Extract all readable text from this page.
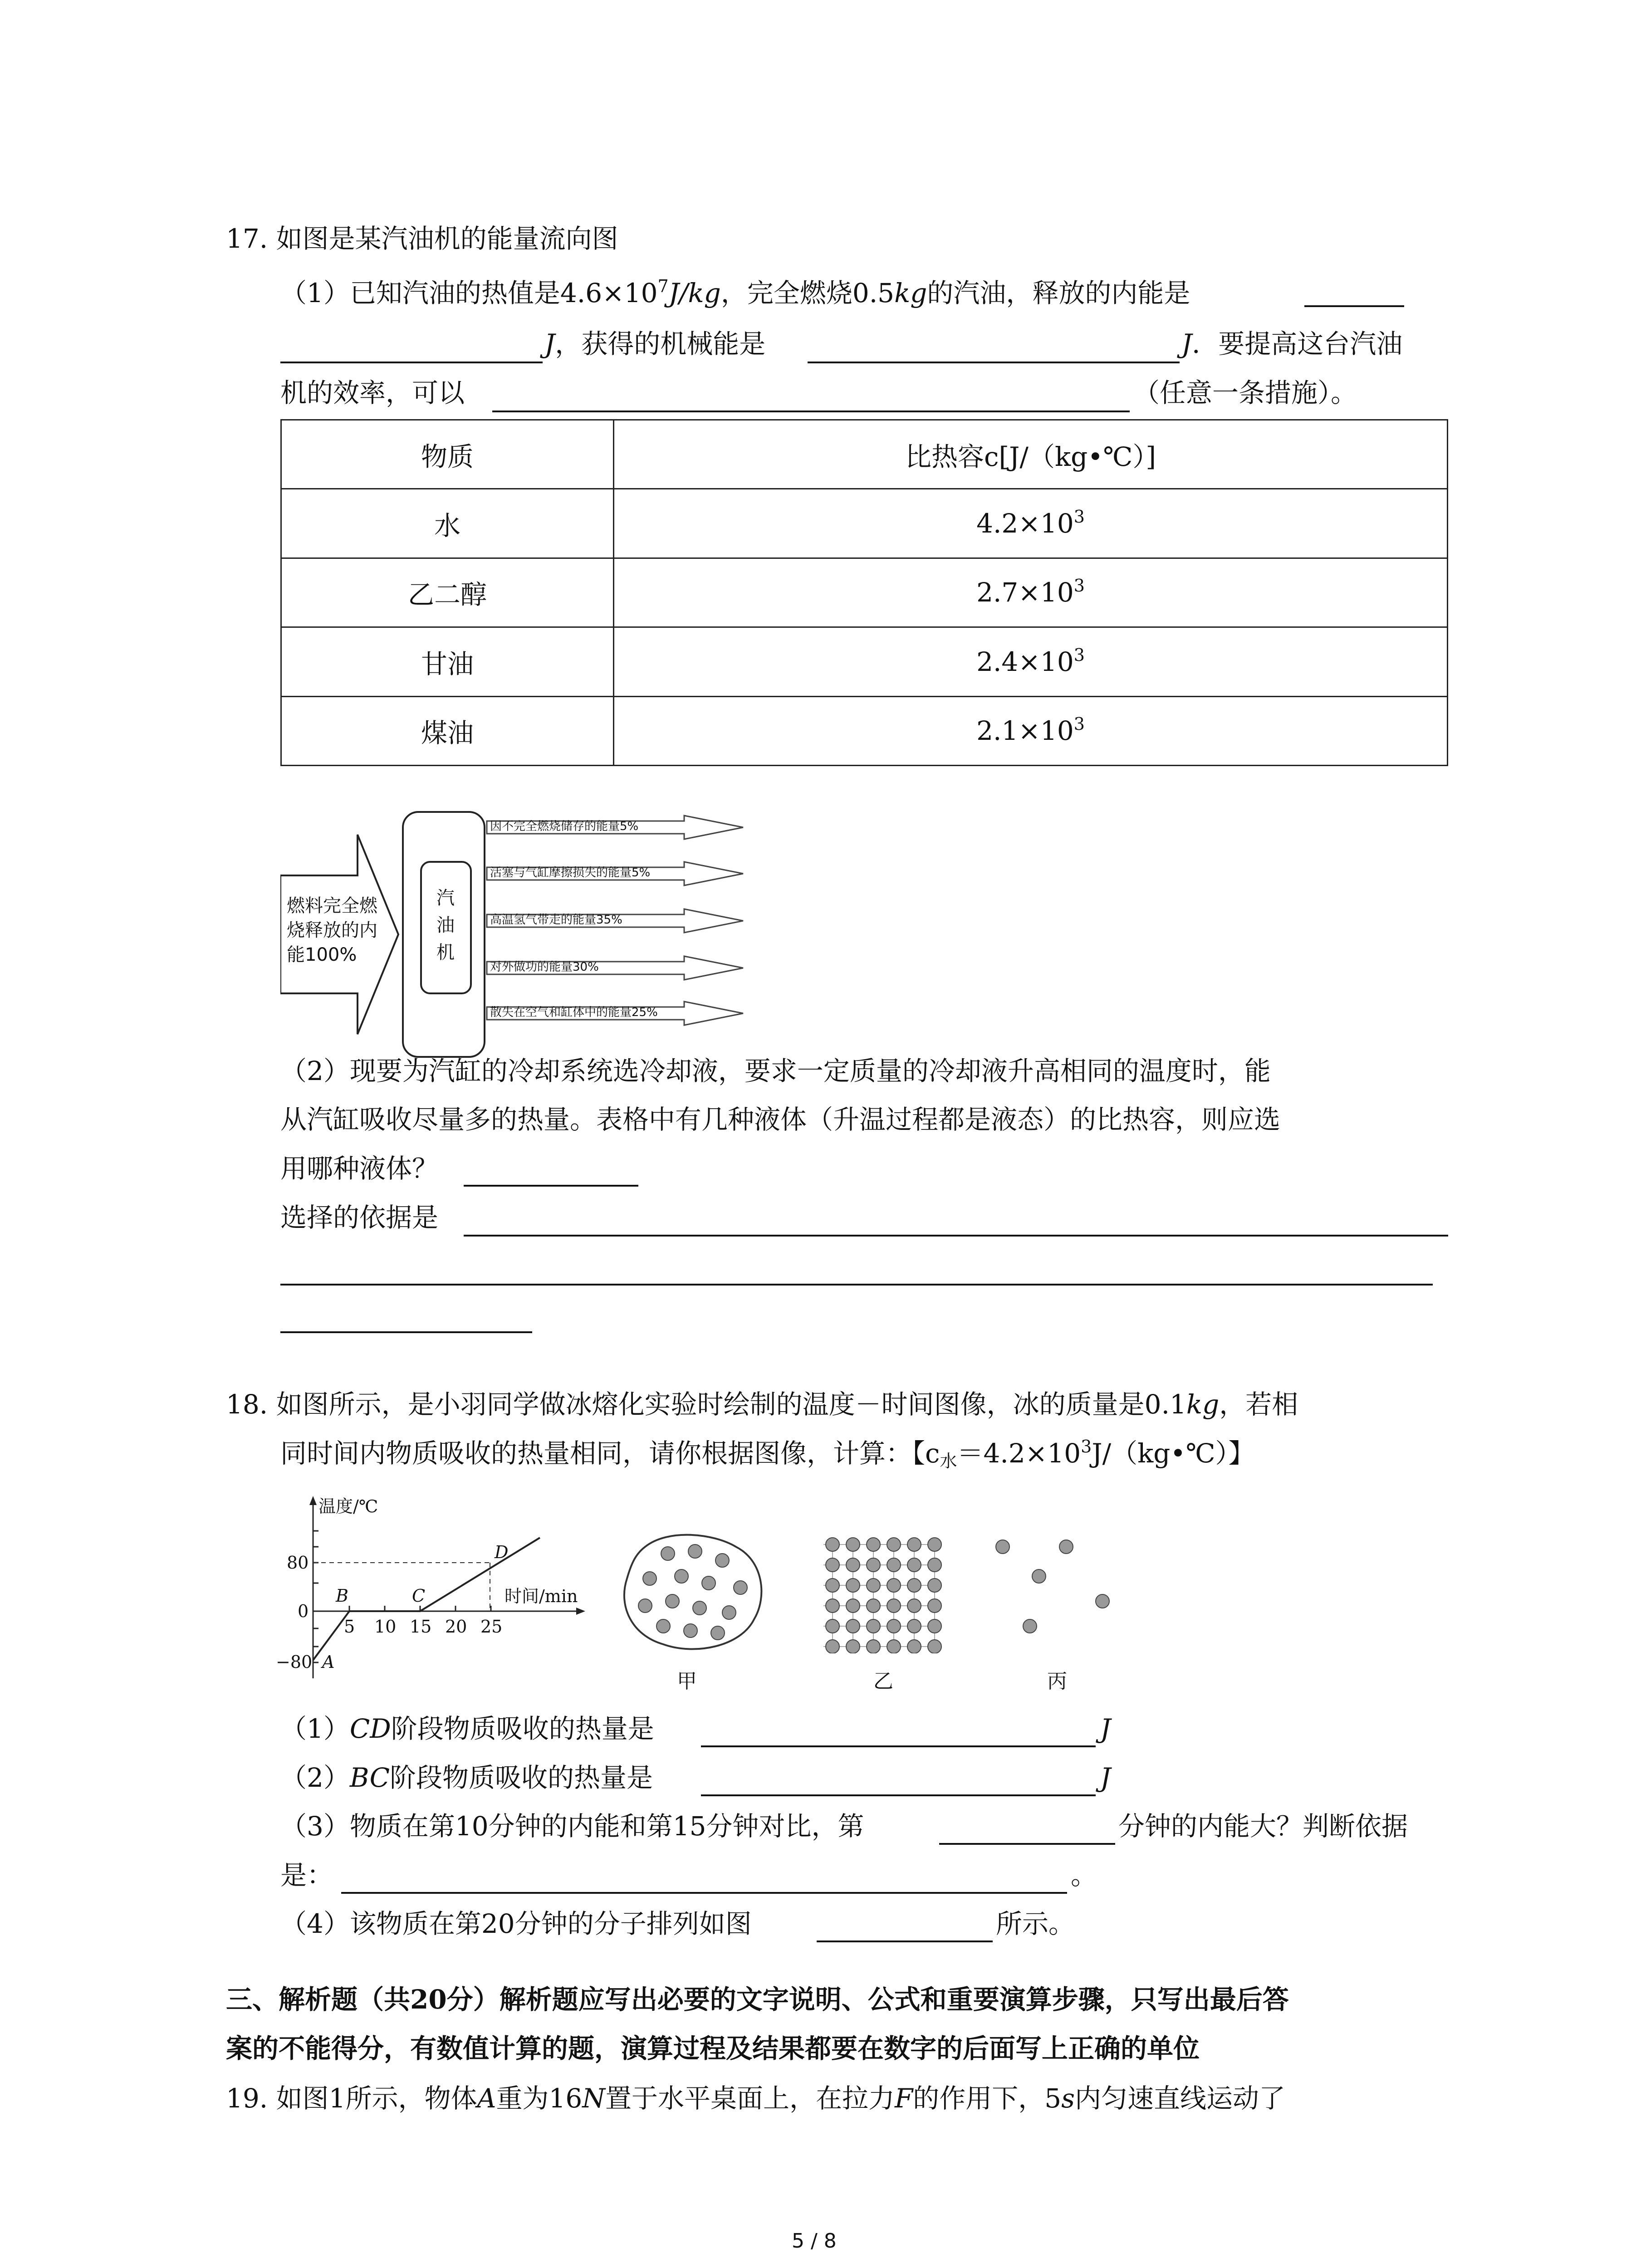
17. 如图是某汽油机的能量流向图
（1）已知汽油的热值是$4.6\times 10^7J/kg$，完全燃烧0.5kg的汽油，释放的内能是
J，获得的机械能是	J．要提高这台汽油
机的效率，可以	（任意一条措施）。
物质	比热容c[J/（kg•℃）]
水	$4.2\times 10^3$
乙二醇	$2.7\times 10^3$
甘油	$2.4\times 10^3$
煤油	$2.1\times 10^3$
燃料完全燃
烧释放的内
能100%
汽
油
机
因不完全燃烧储存的能量5%
活塞与气缸摩擦损失的能量5%
高温氢气带走的能量35%
对外做功的能量30%
散失在空气和缸体中的能量25%
（2）现要为汽缸的冷却系统选冷却液，要求一定质量的冷却液升高相同的温度时，能
从汽缸吸收尽量多的热量。表格中有几种液体（升温过程都是液态）的比热容，则应选
用哪种液体？
选择的依据是
18. 如图所示，是小羽同学做冰熔化实验时绘制的温度－时间图像，冰的质量是0.1kg，若相
同时间内物质吸收的热量相同，请你根据图像，计算：【$c_水=4.2\times 10^3J/(kg•℃)$】
温度/℃
80
0
−80
时间/min
5 10 15 20 25
A
B	C
D
甲	乙	丙
（1）CD阶段物质吸收的热量是	J
（2）BC阶段物质吸收的热量是	J
（3）物质在第10分钟的内能和第15分钟对比，第	分钟的内能大？判断依据
是：	。
（4）该物质在第20分钟的分子排列如图	所示。
三、解析题（共20分）解析题应写出必要的文字说明、公式和重要演算步骤，只写出最后答
案的不能得分，有数值计算的题，演算过程及结果都要在数字的后面写上正确的单位
19. 如图1所示，物体A重为16N置于水平桌面上，在拉力F的作用下，5s内匀速直线运动了
5 / 8
